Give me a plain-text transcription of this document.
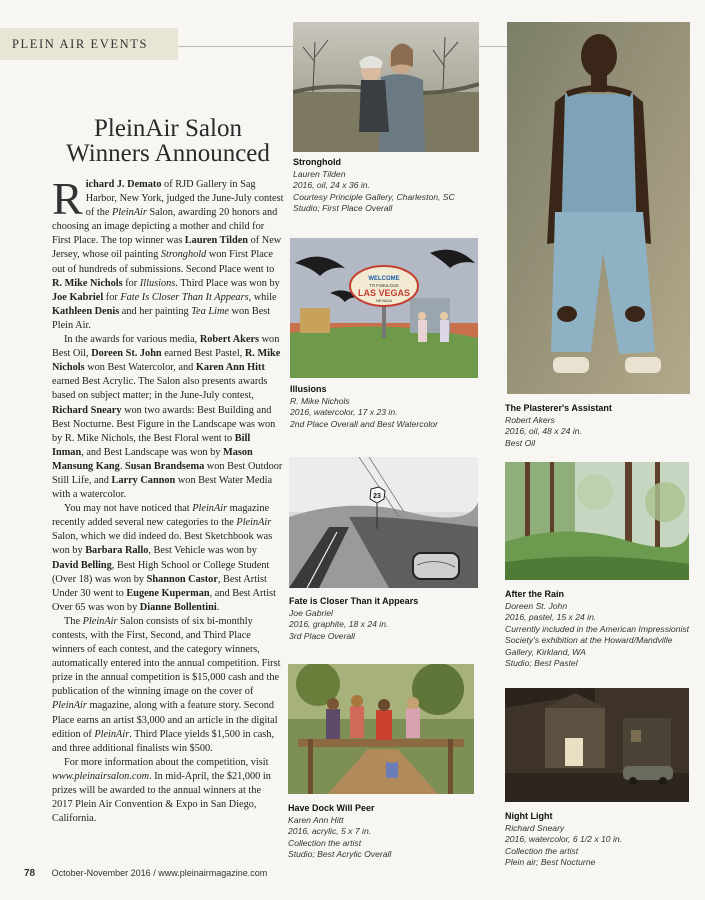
PLEIN AIR EVENTS
PleinAir Salon
Winners Announced

Richard J. Demato of RJD Gallery in Sag Harbor, New York, judged the June-July contest of the PleinAir Salon, awarding 20 honors and choosing an image depicting a mother and child for First Place. The top winner was Lauren Tilden of New Jersey, whose oil painting Stronghold won First Place out of hundreds of submissions. Second Place went to R. Mike Nichols for Illusions. Third Place was won by Joe Kabriel for Fate Is Closer Than It Appears, while Kathleen Denis and her painting Tea Lime won Best Plein Air.

In the awards for various media, Robert Akers won Best Oil, Doreen St. John earned Best Pastel, R. Mike Nichols won Best Watercolor, and Karen Ann Hitt earned Best Acrylic. The Salon also presents awards based on subject matter; in the June-July contest, Richard Sneary won two awards: Best Building and Best Nocturne. Best Figure in the Landscape was won by R. Mike Nichols, the Best Floral went to Bill Inman, and Best Landscape was won by Mason Mansung Kang. Susan Brandsema won Best Outdoor Still Life, and Larry Cannon won Best Water Media with a watercolor.

You may not have noticed that PleinAir magazine recently added several new categories to the PleinAir Salon, which we did indeed do. Best Sketchbook was won by Barbara Rallo, Best Vehicle was won by David Belling, Best High School or College Student (Over 18) was won by Shannon Castor, Best Artist Under 30 went to Eugene Kuperman, and Best Artist Over 65 was won by Dianne Bollentini.

The PleinAir Salon consists of six bi-monthly contests, with the First, Second, and Third Place winners of each contest, and the category winners, automatically entered into the annual competition. First prize in the annual competition is $15,000 cash and the publication of the winning image on the cover of PleinAir magazine, along with a feature story. Second Place earns an artist $3,000 and an article in the digital edition of PleinAir. Third Place yields $1,500 in cash, and three additional finalists win $500.

For more information about the competition, visit www.pleinairsalon.com. In mid-April, the $21,000 in prizes will be awarded to the annual winners at the 2017 Plein Air Convention & Expo in San Diego, California.

Stronghold
Lauren Tilden
2016, oil, 24 x 36 in.
Courtesy Principle Gallery, Charleston, SC
Studio; First Place Overall
WELCOME
TO FABULOUS
LAS VEGAS
NEVADA
Illusions
R. Mike Nichols
2016, watercolor, 17 x 23 in.
2nd Place Overall and Best Watercolor
23
Fate is Closer Than it Appears
Joe Gabriel
2016, graphite, 18 x 24 in.
3rd Place Overall
Have Dock Will Peer
Karen Ann Hitt
2016, acrylic, 5 x 7 in.
Collection the artist
Studio; Best Acrylic Overall
The Plasterer's Assistant
Robert Akers
2016, oil, 48 x 24 in.
Best Oil
After the Rain
Doreen St. John
2016, pastel, 15 x 24 in.
Currently included in the American Impressionist Society's exhibition at the Howard/Mandville Gallery, Kirkland, WA
Studio; Best Pastel
Night Light
Richard Sneary
2016, watercolor, 6 1/2 x 10 in.
Collection the artist
Plein air; Best Nocturne
78 October-November 2016 / www.pleinairmagazine.com
